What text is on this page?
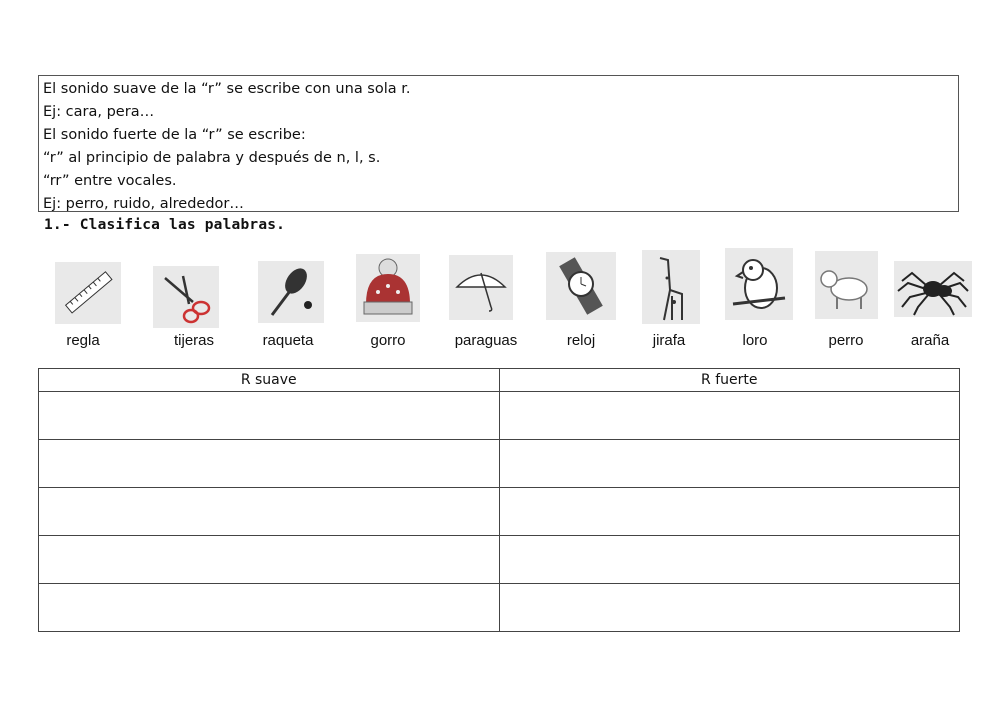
El sonido suave de la “r” se escribe con una sola r.
Ej: cara, pera…
El sonido fuerte de la “r” se escribe:
“r” al principio de palabra y después de n, l, s.
“rr” entre vocales.
Ej: perro, ruido, alrededor…
1.- Clasifica las palabras.
regla	tijeras	raqueta	gorro	paraguas	reloj	jirafa	loro	perro	araña
R suave	R fuerte
